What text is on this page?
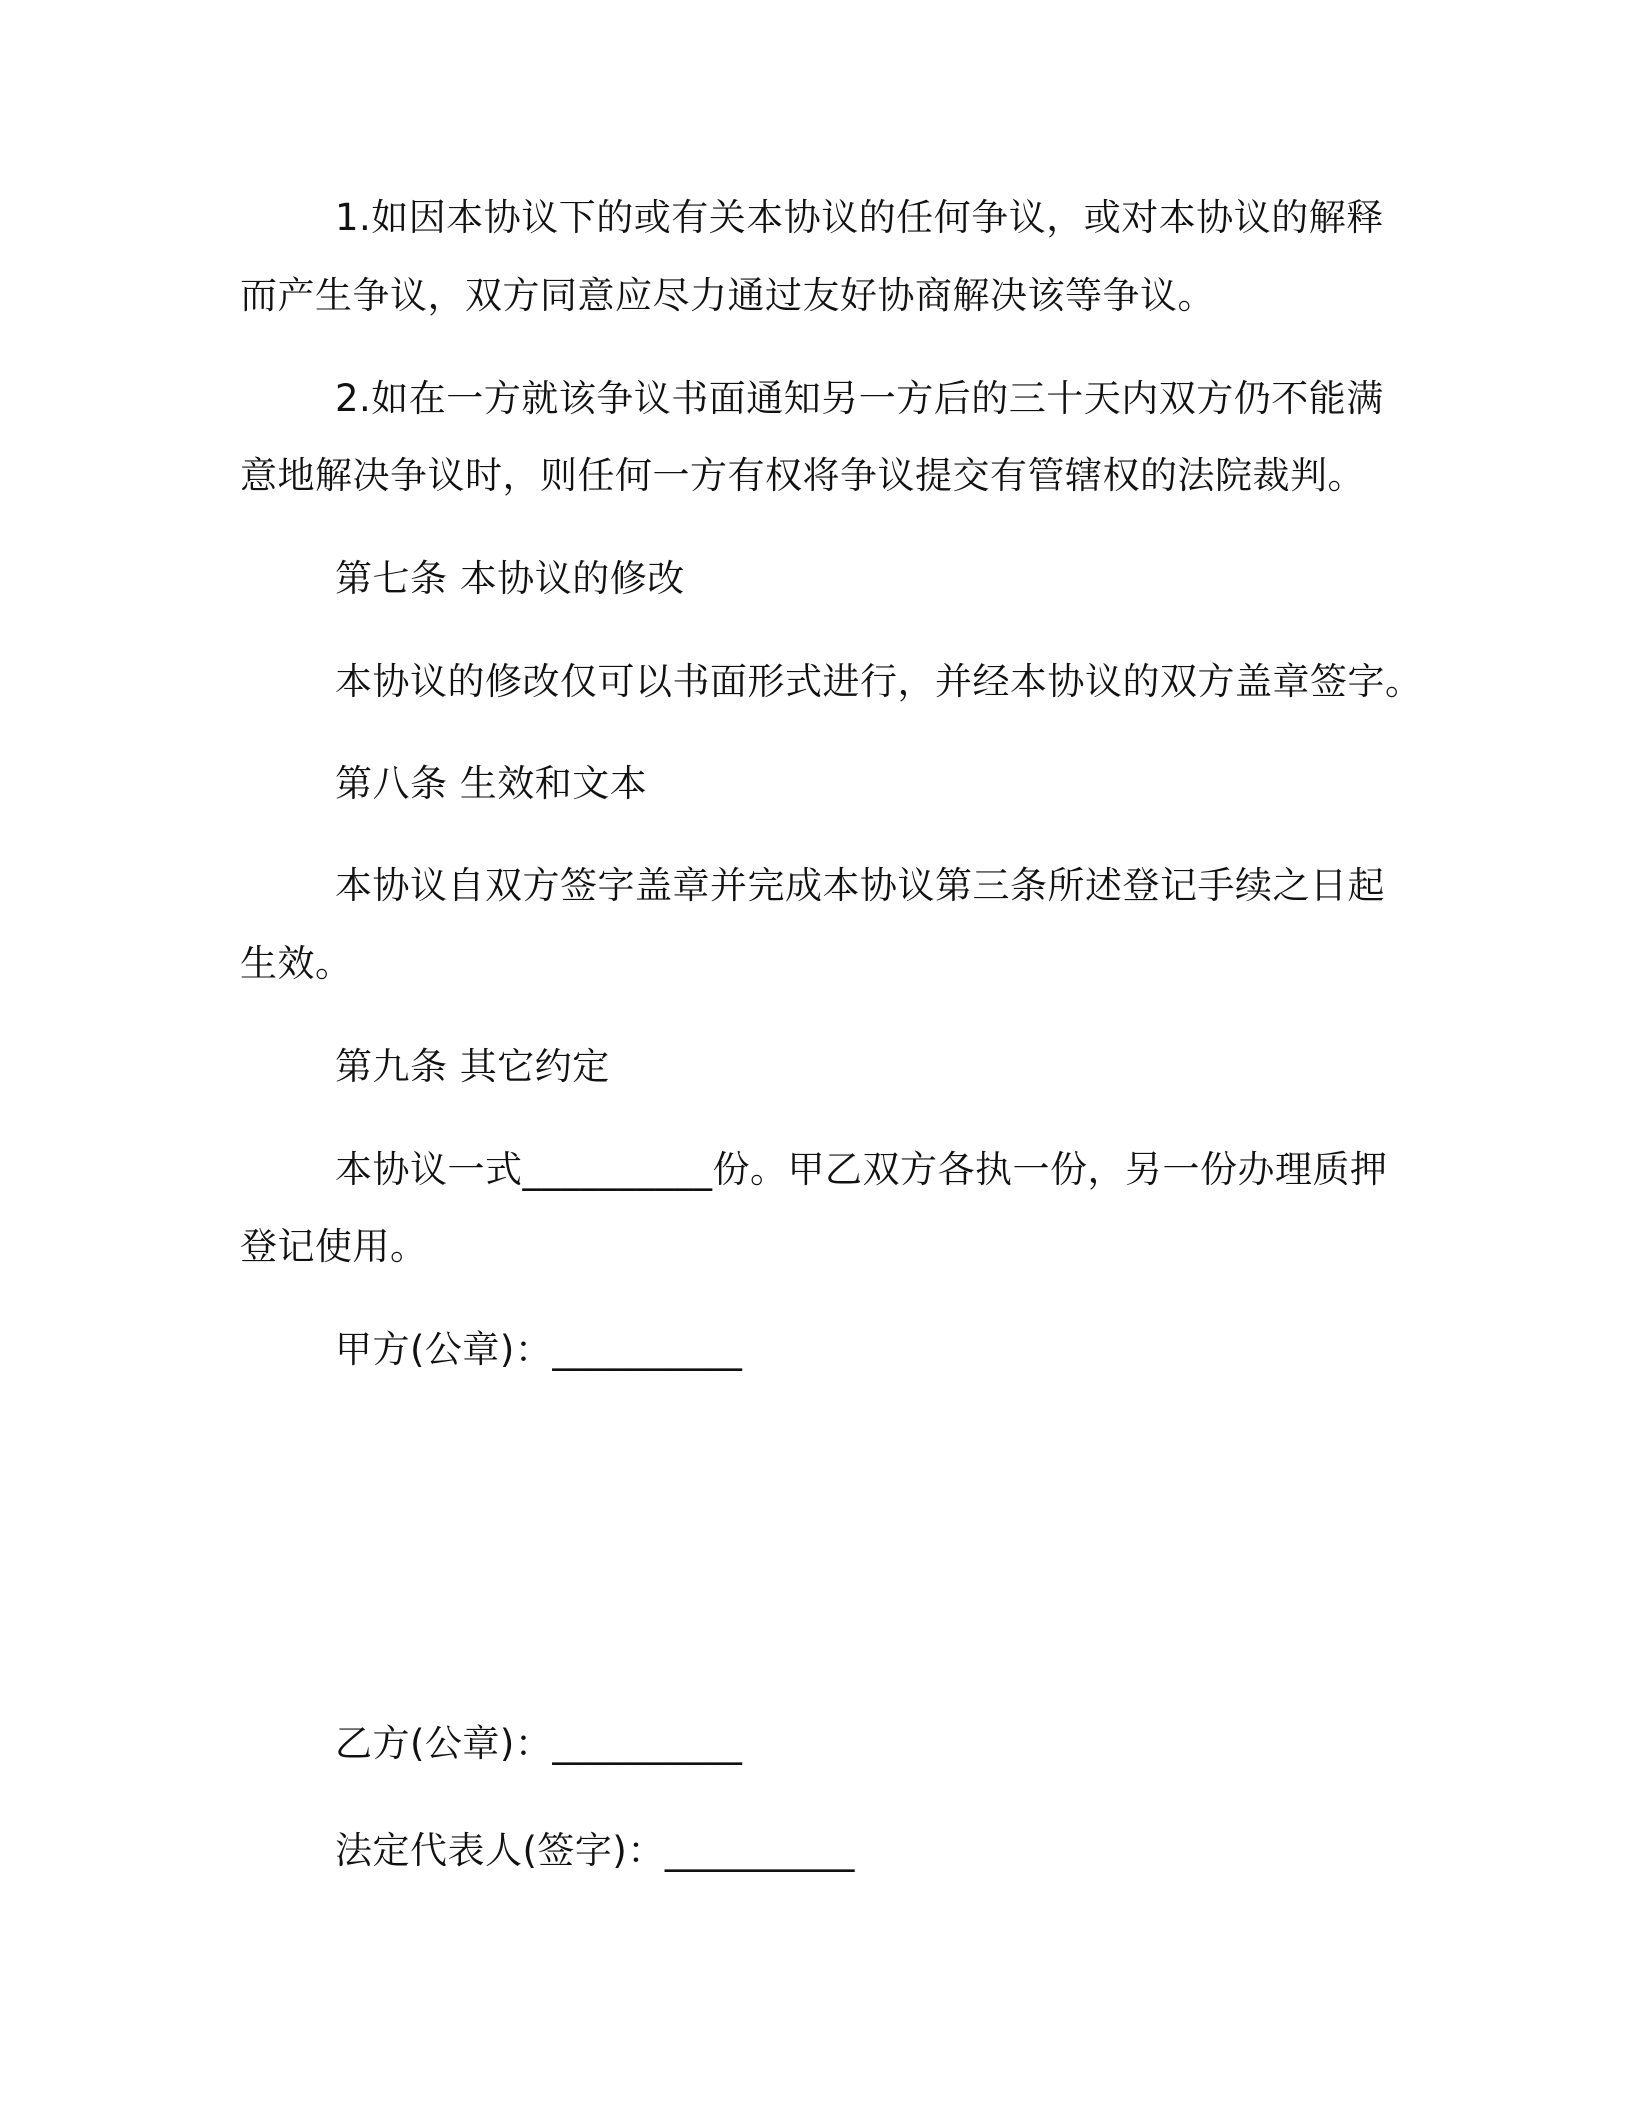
1.如因本协议下的或有关本协议的任何争议，或对本协议的解释
而产生争议，双方同意应尽力通过友好协商解决该等争议。
2.如在一方就该争议书面通知另一方后的三十天内双方仍不能满
意地解决争议时，则任何一方有权将争议提交有管辖权的法院裁判。
第七条 本协议的修改
本协议的修改仅可以书面形式进行，并经本协议的双方盖章签字。
第八条 生效和文本
本协议自双方签字盖章并完成本协议第三条所述登记手续之日起
生效。
第九条 其它约定
本协议一式__________份。甲乙双方各执一份，另一份办理质押
登记使用。
甲方(公章)：__________
乙方(公章)：__________
法定代表人(签字)：__________
